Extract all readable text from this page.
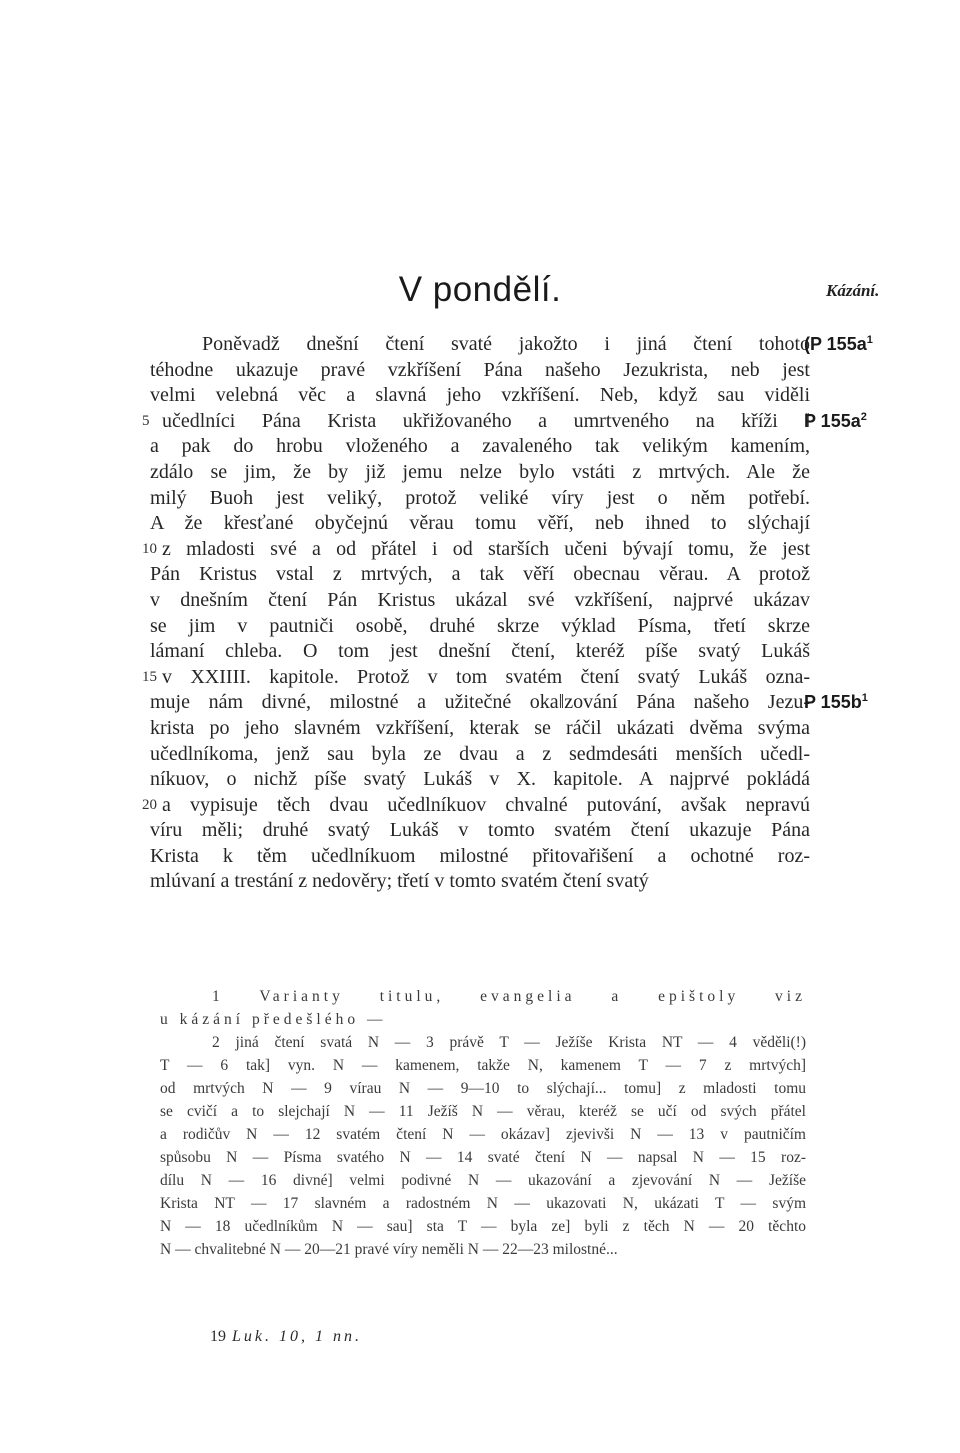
V pondělí.	Kázání.
Poněvadž dnešní čtení svaté jakožto i jiná čtení tohoto
téhodne ukazuje pravé vzkříšení Pána našeho Jezukrista, neb jest
velmi velebná věc a slavná jeho vzkříšení. Neb, když sau viděli
5 učedlníci Pána Krista ukřižovaného a umrtveného na kříži ‖
a pak do hrobu vloženého a zavaleného tak velikým kamením,
zdálo se jim, že by již jemu nelze bylo vstáti z mrtvých. Ale že
milý Buoh jest veliký, protož veliké víry jest o něm potřebí.
A že křesťané obyčejnú věrau tomu věří, neb ihned to slýchají
10 z mladosti své a od přátel i od starších učeni bývají tomu, že jest
Pán Kristus vstal z mrtvých, a tak věří obecnau věrau. A protož
v dnešním čtení Pán Kristus ukázal své vzkříšení, najprvé ukázav
se jim v pautniči osobě, druhé skrze výklad Písma, třetí skrze
lámaní chleba. O tom jest dnešní čtení, kteréž píše svatý Lukáš
15 v XXIIII. kapitole. Protož v tom svatém čtení svatý Lukáš ozna-
muje nám divné, milostné a užitečné oka‖zování Pána našeho Jezu-
krista po jeho slavném vzkříšení, kterak se ráčil ukázati dvěma svýma
učedlníkoma, jenž sau byla ze dvau a z sedmdesáti menších učedl-
níkuov, o nichž píše svatý Lukáš v X. kapitole. A najprvé pokládá
20 a vypisuje těch dvau učedlníkuov chvalné putování, avšak nepravú
víru měli; druhé svatý Lukáš v tomto svatém čtení ukazuje Pána
Krista k těm učedlníkuom milostné přitovařišení a ochotné roz-
mlúvaní a trestání z nedověry; třetí v tomto svatém čtení svatý
(P $155a^1$
P $155a^2$
P $155b^1$
1 Varianty titulu, evangelia a epištoly viz
u kázání předešlého —
2 jiná čtení svatá N — 3 právě T — Ježíše Krista NT — 4 věděli(!)
T — 6 tak] vyn. N — kamenem, takže N, kamenem T — 7 z mrtvých]
od mrtvých N — 9 vírau N — 9—10 to slýchají... tomu] z mladosti tomu
se cvičí a to slejchají N — 11 Ježíš N — věrau, kteréž se učí od svých přátel
a rodičův N — 12 svatém čtení N — okázav] zjevivši N — 13 v pautničím
spůsobu N — Písma svatého N — 14 svaté čtení N — napsal N — 15 roz-
dílu N — 16 divné] velmi podivné N — ukazování a zjevování N — Ježíše
Krista NT — 17 slavném a radostném N — ukazovati N, ukázati T — svým
N — 18 učedlníkům N — sau] sta T — byla ze] byli z těch N — 20 těchto
N — chvalitebné N — 20—21 pravé víry neměli N — 22—23 milostné...
19 Luk. 10, 1 nn.
